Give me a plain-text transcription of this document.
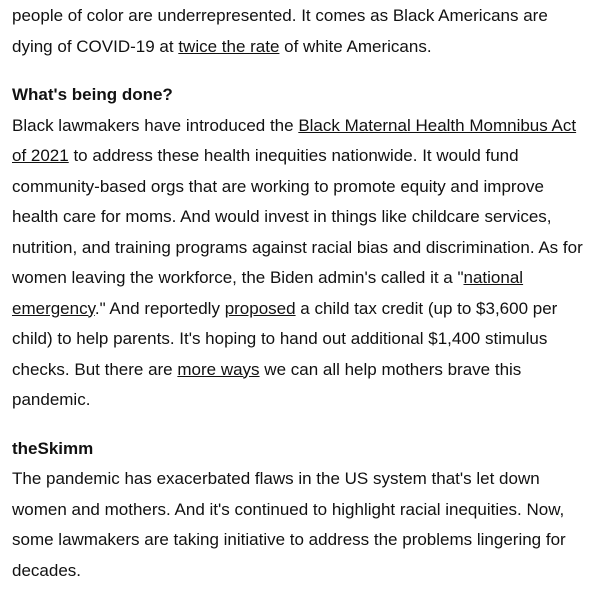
people of color are underrepresented. It comes as Black Americans are dying of COVID-19 at twice the rate of white Americans.

What's being done?

Black lawmakers have introduced the Black Maternal Health Momnibus Act of 2021 to address these health inequities nationwide. It would fund community-based orgs that are working to promote equity and improve health care for moms. And would invest in things like childcare services, nutrition, and training programs against racial bias and discrimination. As for women leaving the workforce, the Biden admin's called it a "national emergency." And reportedly proposed a child tax credit (up to $3,600 per child) to help parents. It's hoping to hand out additional $1,400 stimulus checks. But there are more ways we can all help mothers brave this pandemic.

theSkimm

The pandemic has exacerbated flaws in the US system that's let down women and mothers. And it's continued to highlight racial inequities. Now, some lawmakers are taking initiative to address the problems lingering for decades.
